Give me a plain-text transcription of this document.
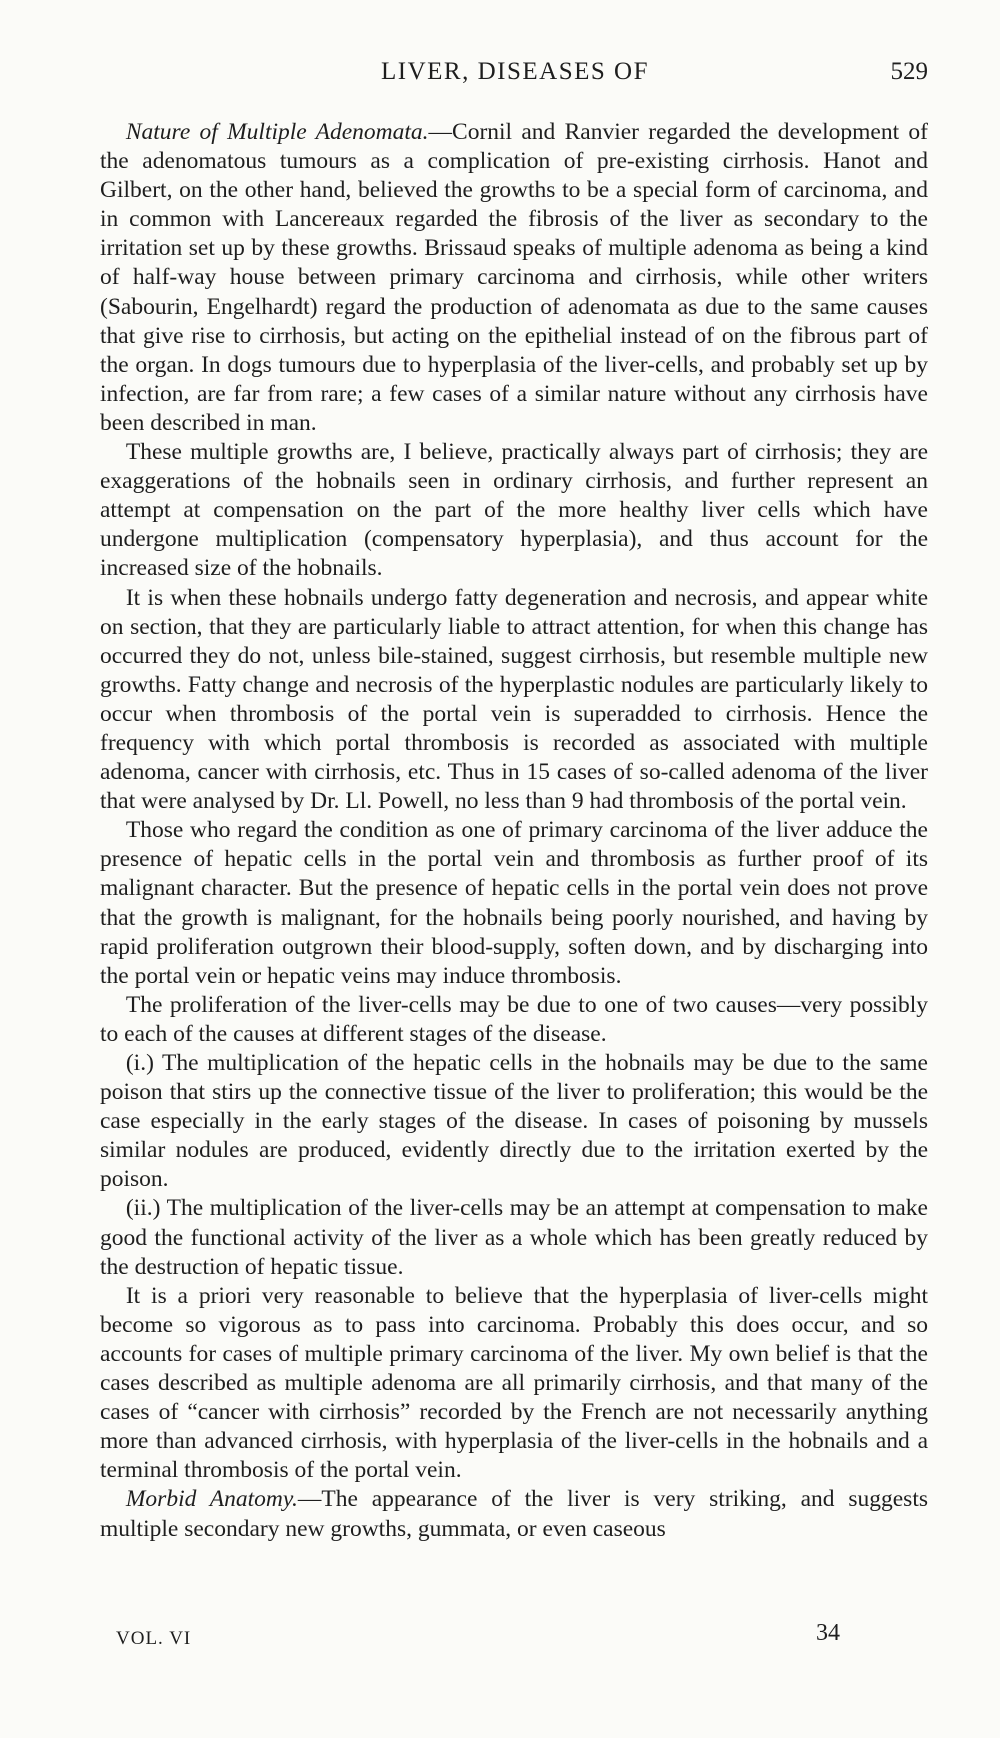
LIVER, DISEASES OF	529

Nature of Multiple Adenomata.—Cornil and Ranvier regarded the development of the adenomatous tumours as a complication of pre-existing cirrhosis. Hanot and Gilbert, on the other hand, believed the growths to be a special form of carcinoma, and in common with Lancereaux regarded the fibrosis of the liver as secondary to the irritation set up by these growths. Brissaud speaks of multiple adenoma as being a kind of half-way house between primary carcinoma and cirrhosis, while other writers (Sabourin, Engelhardt) regard the production of adenomata as due to the same causes that give rise to cirrhosis, but acting on the epithelial instead of on the fibrous part of the organ. In dogs tumours due to hyperplasia of the liver-cells, and probably set up by infection, are far from rare; a few cases of a similar nature without any cirrhosis have been described in man.

These multiple growths are, I believe, practically always part of cirrhosis; they are exaggerations of the hobnails seen in ordinary cirrhosis, and further represent an attempt at compensation on the part of the more healthy liver cells which have undergone multiplication (compensatory hyperplasia), and thus account for the increased size of the hobnails.

It is when these hobnails undergo fatty degeneration and necrosis, and appear white on section, that they are particularly liable to attract attention, for when this change has occurred they do not, unless bile-stained, suggest cirrhosis, but resemble multiple new growths. Fatty change and necrosis of the hyperplastic nodules are particularly likely to occur when thrombosis of the portal vein is superadded to cirrhosis. Hence the frequency with which portal thrombosis is recorded as associated with multiple adenoma, cancer with cirrhosis, etc. Thus in 15 cases of so-called adenoma of the liver that were analysed by Dr. Ll. Powell, no less than 9 had thrombosis of the portal vein.

Those who regard the condition as one of primary carcinoma of the liver adduce the presence of hepatic cells in the portal vein and thrombosis as further proof of its malignant character. But the presence of hepatic cells in the portal vein does not prove that the growth is malignant, for the hobnails being poorly nourished, and having by rapid proliferation outgrown their blood-supply, soften down, and by discharging into the portal vein or hepatic veins may induce thrombosis.

The proliferation of the liver-cells may be due to one of two causes—very possibly to each of the causes at different stages of the disease.

(i.) The multiplication of the hepatic cells in the hobnails may be due to the same poison that stirs up the connective tissue of the liver to proliferation; this would be the case especially in the early stages of the disease. In cases of poisoning by mussels similar nodules are produced, evidently directly due to the irritation exerted by the poison.

(ii.) The multiplication of the liver-cells may be an attempt at compensation to make good the functional activity of the liver as a whole which has been greatly reduced by the destruction of hepatic tissue.

It is a priori very reasonable to believe that the hyperplasia of liver-cells might become so vigorous as to pass into carcinoma. Probably this does occur, and so accounts for cases of multiple primary carcinoma of the liver. My own belief is that the cases described as multiple adenoma are all primarily cirrhosis, and that many of the cases of “cancer with cirrhosis” recorded by the French are not necessarily anything more than advanced cirrhosis, with hyperplasia of the liver-cells in the hobnails and a terminal thrombosis of the portal vein.

Morbid Anatomy.—The appearance of the liver is very striking, and suggests multiple secondary new growths, gummata, or even caseous

VOL. VI	34
